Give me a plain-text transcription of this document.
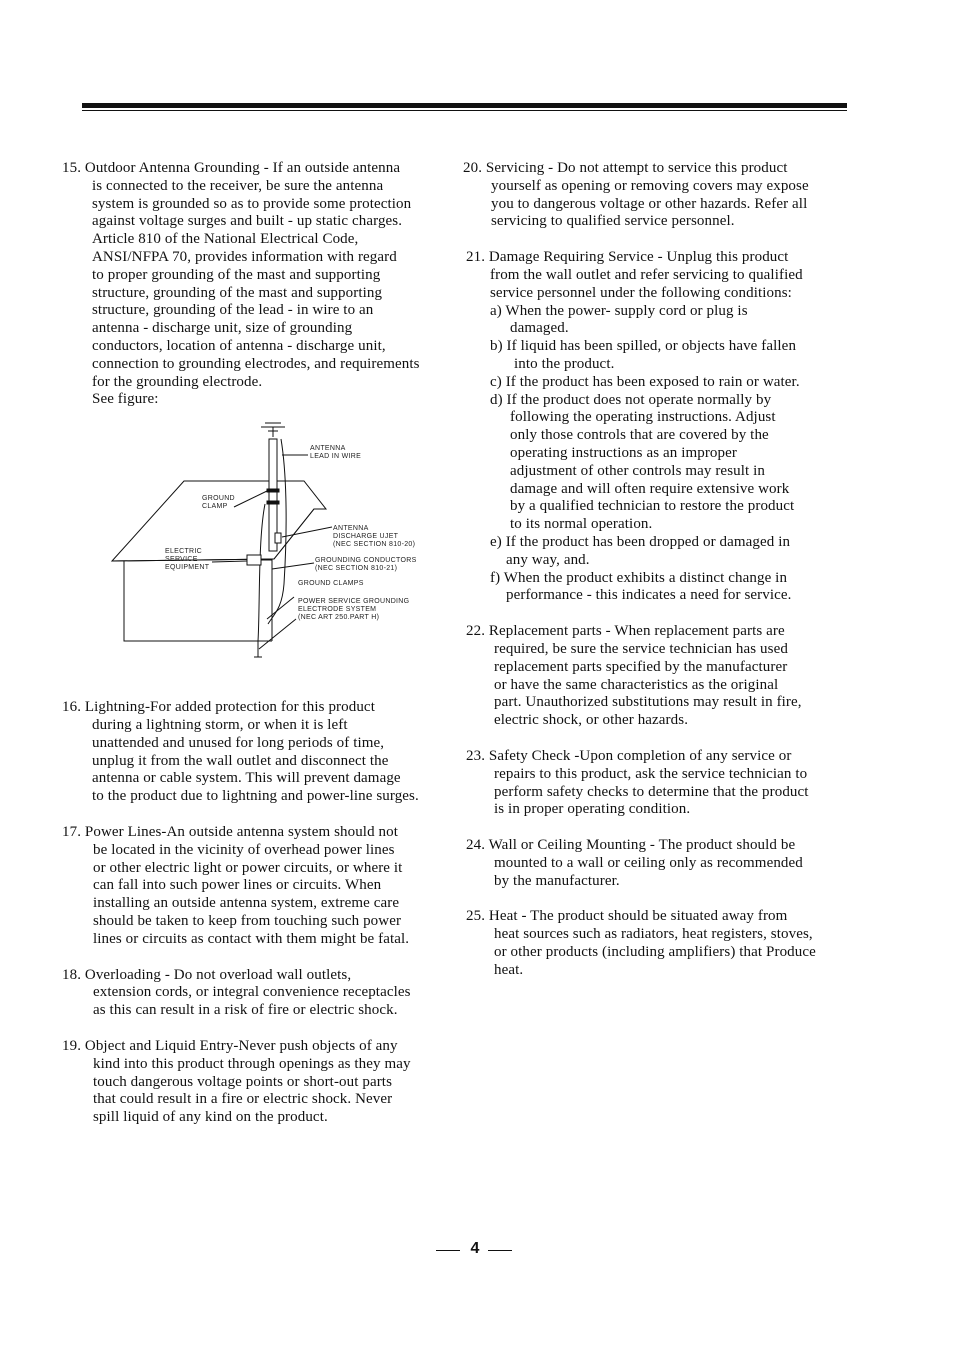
15. Outdoor Antenna Grounding - If an outside antenna
is connected to the receiver, be sure the antenna
system is grounded so as to provide some protection
against voltage surges and built - up static charges.
Article 810 of the National Electrical Code,
ANSI/NFPA 70, provides information with regard
to proper grounding of the mast and supporting
structure, grounding of the mast and supporting
structure, grounding of the lead - in wire to an
antenna - discharge unit, size of grounding
conductors, location of antenna - discharge unit,
connection to grounding electrodes, and requirements
for the grounding electrode.
See figure:
ANTENNA
LEAD IN WIRE
GROUND
CLAMP
ANTENNA
DISCHARGE UJET
(NEC SECTION 810-20)
ELECTRIC
SERVICE
EQUIPMENT
GROUNDING CONDUCTORS
(NEC SECTION 810-21)
GROUND CLAMPS
POWER SERVICE GROUNDING
ELECTRODE SYSTEM
(NEC ART 250.PART H)
16. Lightning-For added protection for this product
during a lightning storm, or when it is left
unattended and unused for long periods of time,
unplug it from the wall outlet and disconnect the
antenna or cable system. This will prevent damage
to the product due to lightning and power-line surges.
17. Power Lines-An outside antenna system should not
be located in the vicinity of overhead power lines
or other electric light or power circuits, or where it
can fall into such power lines or circuits. When
installing an outside antenna system, extreme care
should be taken to keep from touching such power
lines or circuits as contact with them might be fatal.
18. Overloading - Do not overload wall outlets,
extension cords, or integral convenience receptacles
as this can result in a risk of fire or electric shock.
19. Object and Liquid Entry-Never push objects of any
kind into this product through openings as they may
touch dangerous voltage points or short-out parts
that could result in a fire or electric shock. Never
spill liquid of any kind on the product.
20. Servicing - Do not attempt to service this product
yourself as opening or removing covers may expose
you to dangerous voltage or other hazards. Refer all
servicing to qualified service personnel.
21. Damage Requiring Service - Unplug this product
from the wall outlet and refer servicing to qualified
service personnel under the following conditions:
a) When the power- supply cord or plug is
damaged.
b) If liquid has been spilled, or objects have fallen
into the product.
c) If the product has been exposed to rain or water.
d) If the product does not operate normally by
following the operating instructions. Adjust
only those controls that are covered by the
operating instructions as an improper
adjustment of other controls may result in
damage and will often require extensive work
by a qualified technician to restore the product
to its normal operation.
e) If the product has been dropped or damaged in
any way, and.
f) When the product exhibits a distinct change in
performance - this indicates a need for service.
22. Replacement parts - When replacement parts are
required, be sure the service technician has used
replacement parts specified by the manufacturer
or have the same characteristics as the original
part. Unauthorized substitutions may result in fire,
electric shock, or other hazards.
23. Safety Check -Upon completion of any service or
repairs to this product, ask the service technician to
perform safety checks to determine that the product
is in proper operating condition.
24. Wall or Ceiling Mounting - The product should be
mounted to a wall or ceiling only as recommended
by the manufacturer.
25. Heat - The product should be situated away from
heat sources such as radiators, heat registers, stoves,
or other products (including amplifiers) that Produce
heat.
4
